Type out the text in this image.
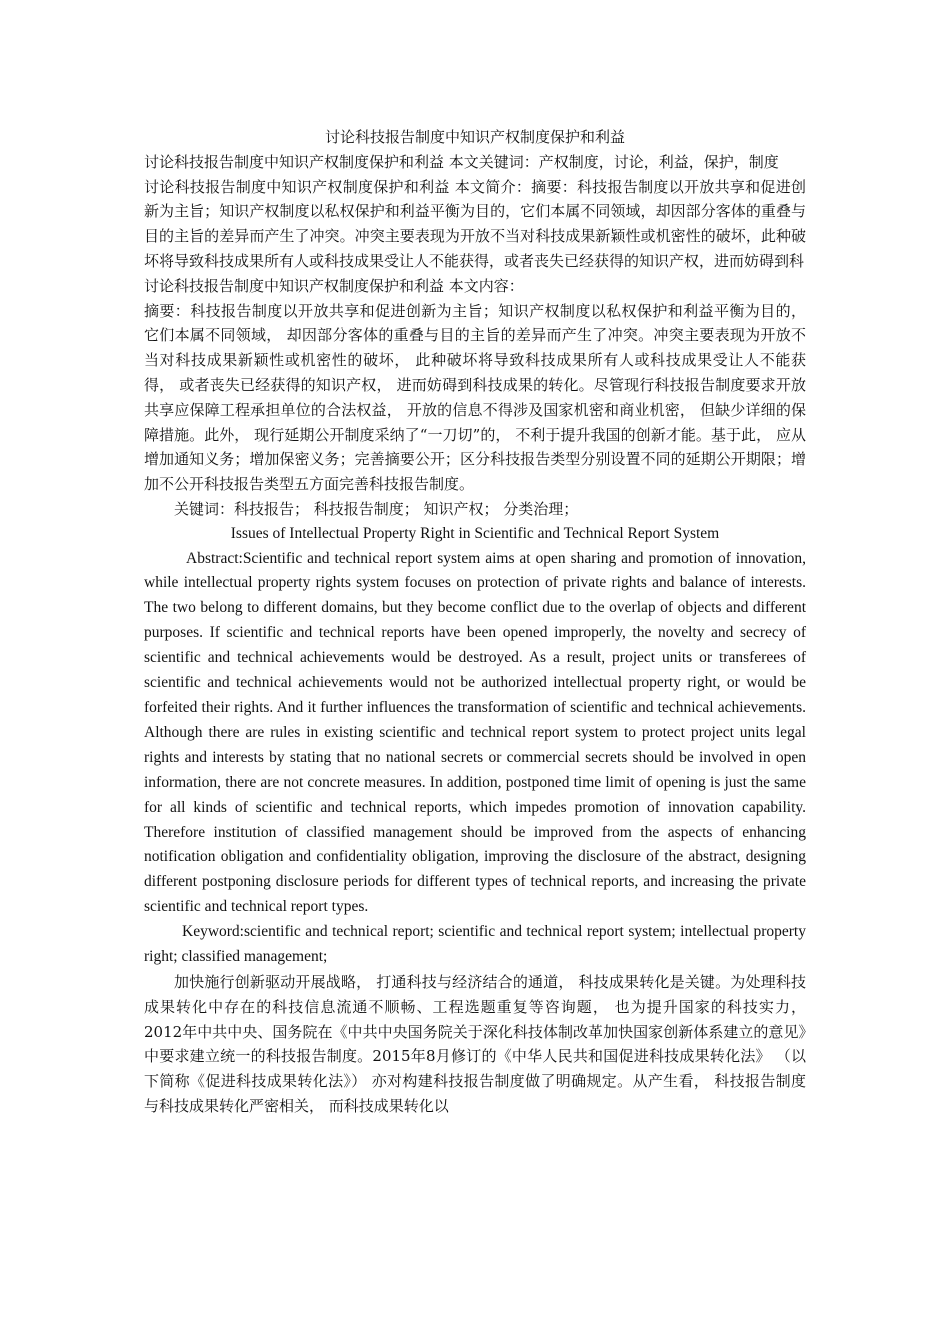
讨论科技报告制度中知识产权制度保护和利益

讨论科技报告制度中知识产权制度保护和利益 本文关键词：产权制度，讨论，利益，保护，制度

讨论科技报告制度中知识产权制度保护和利益 本文简介：摘要：科技报告制度以开放共享和促进创新为主旨；知识产权制度以私权保护和利益平衡为目的，它们本属不同领域，却因部分客体的重叠与目的主旨的差异而产生了冲突。冲突主要表现为开放不当对科技成果新颖性或机密性的破坏，此种破坏将导致科技成果所有人或科技成果受让人不能获得，或者丧失已经获得的知识产权，进而妨碍到科

讨论科技报告制度中知识产权制度保护和利益 本文内容：

摘要：科技报告制度以开放共享和促进创新为主旨；知识产权制度以私权保护和利益平衡为目的， 它们本属不同领域， 却因部分客体的重叠与目的主旨的差异而产生了冲突。冲突主要表现为开放不当对科技成果新颖性或机密性的破坏， 此种破坏将导致科技成果所有人或科技成果受让人不能获得， 或者丧失已经获得的知识产权， 进而妨碍到科技成果的转化。尽管现行科技报告制度要求开放共享应保障工程承担单位的合法权益， 开放的信息不得涉及国家机密和商业机密， 但缺少详细的保障措施。此外， 现行延期公开制度采纳了“一刀切”的， 不利于提升我国的创新才能。基于此， 应从增加通知义务；增加保密义务；完善摘要公开；区分科技报告类型分别设置不同的延期公开期限；增加不公开科技报告类型五方面完善科技报告制度。

关键词：科技报告； 科技报告制度； 知识产权； 分类治理；

Issues of Intellectual Property Right in Scientific and Technical Report System

Abstract:Scientific and technical report system aims at open sharing and promotion of innovation, while intellectual property rights system focuses on protection of private rights and balance of interests. The two belong to different domains, but they become conflict due to the overlap of objects and different purposes. If scientific and technical reports have been opened improperly, the novelty and secrecy of scientific and technical achievements would be destroyed. As a result, project units or transferees of scientific and technical achievements would not be authorized intellectual property right, or would be forfeited their rights. And it further influences the transformation of scientific and technical achievements. Although there are rules in existing scientific and technical report system to protect project units legal rights and interests by stating that no national secrets or commercial secrets should be involved in open information, there are not concrete measures. In addition, postponed time limit of opening is just the same for all kinds of scientific and technical reports, which impedes promotion of innovation capability. Therefore institution of classified management should be improved from the aspects of enhancing notification obligation and confidentiality obligation, improving the disclosure of the abstract, designing different postponing disclosure periods for different types of technical reports, and increasing the private scientific and technical report types.

Keyword:scientific and technical report; scientific and technical report system; intellectual property right; classified management;

加快施行创新驱动开展战略， 打通科技与经济结合的通道， 科技成果转化是关键。为处理科技成果转化中存在的科技信息流通不顺畅、工程选题重复等咨询题， 也为提升国家的科技实力， 2012年中共中央、国务院在《中共中央国务院关于深化科技体制改革加快国家创新体系建立的意见》中要求建立统一的科技报告制度。2015年8月修订的《中华人民共和国促进科技成果转化法》 （以下简称《促进科技成果转化法》） 亦对构建科技报告制度做了明确规定。从产生看， 科技报告制度与科技成果转化严密相关， 而科技成果转化以
